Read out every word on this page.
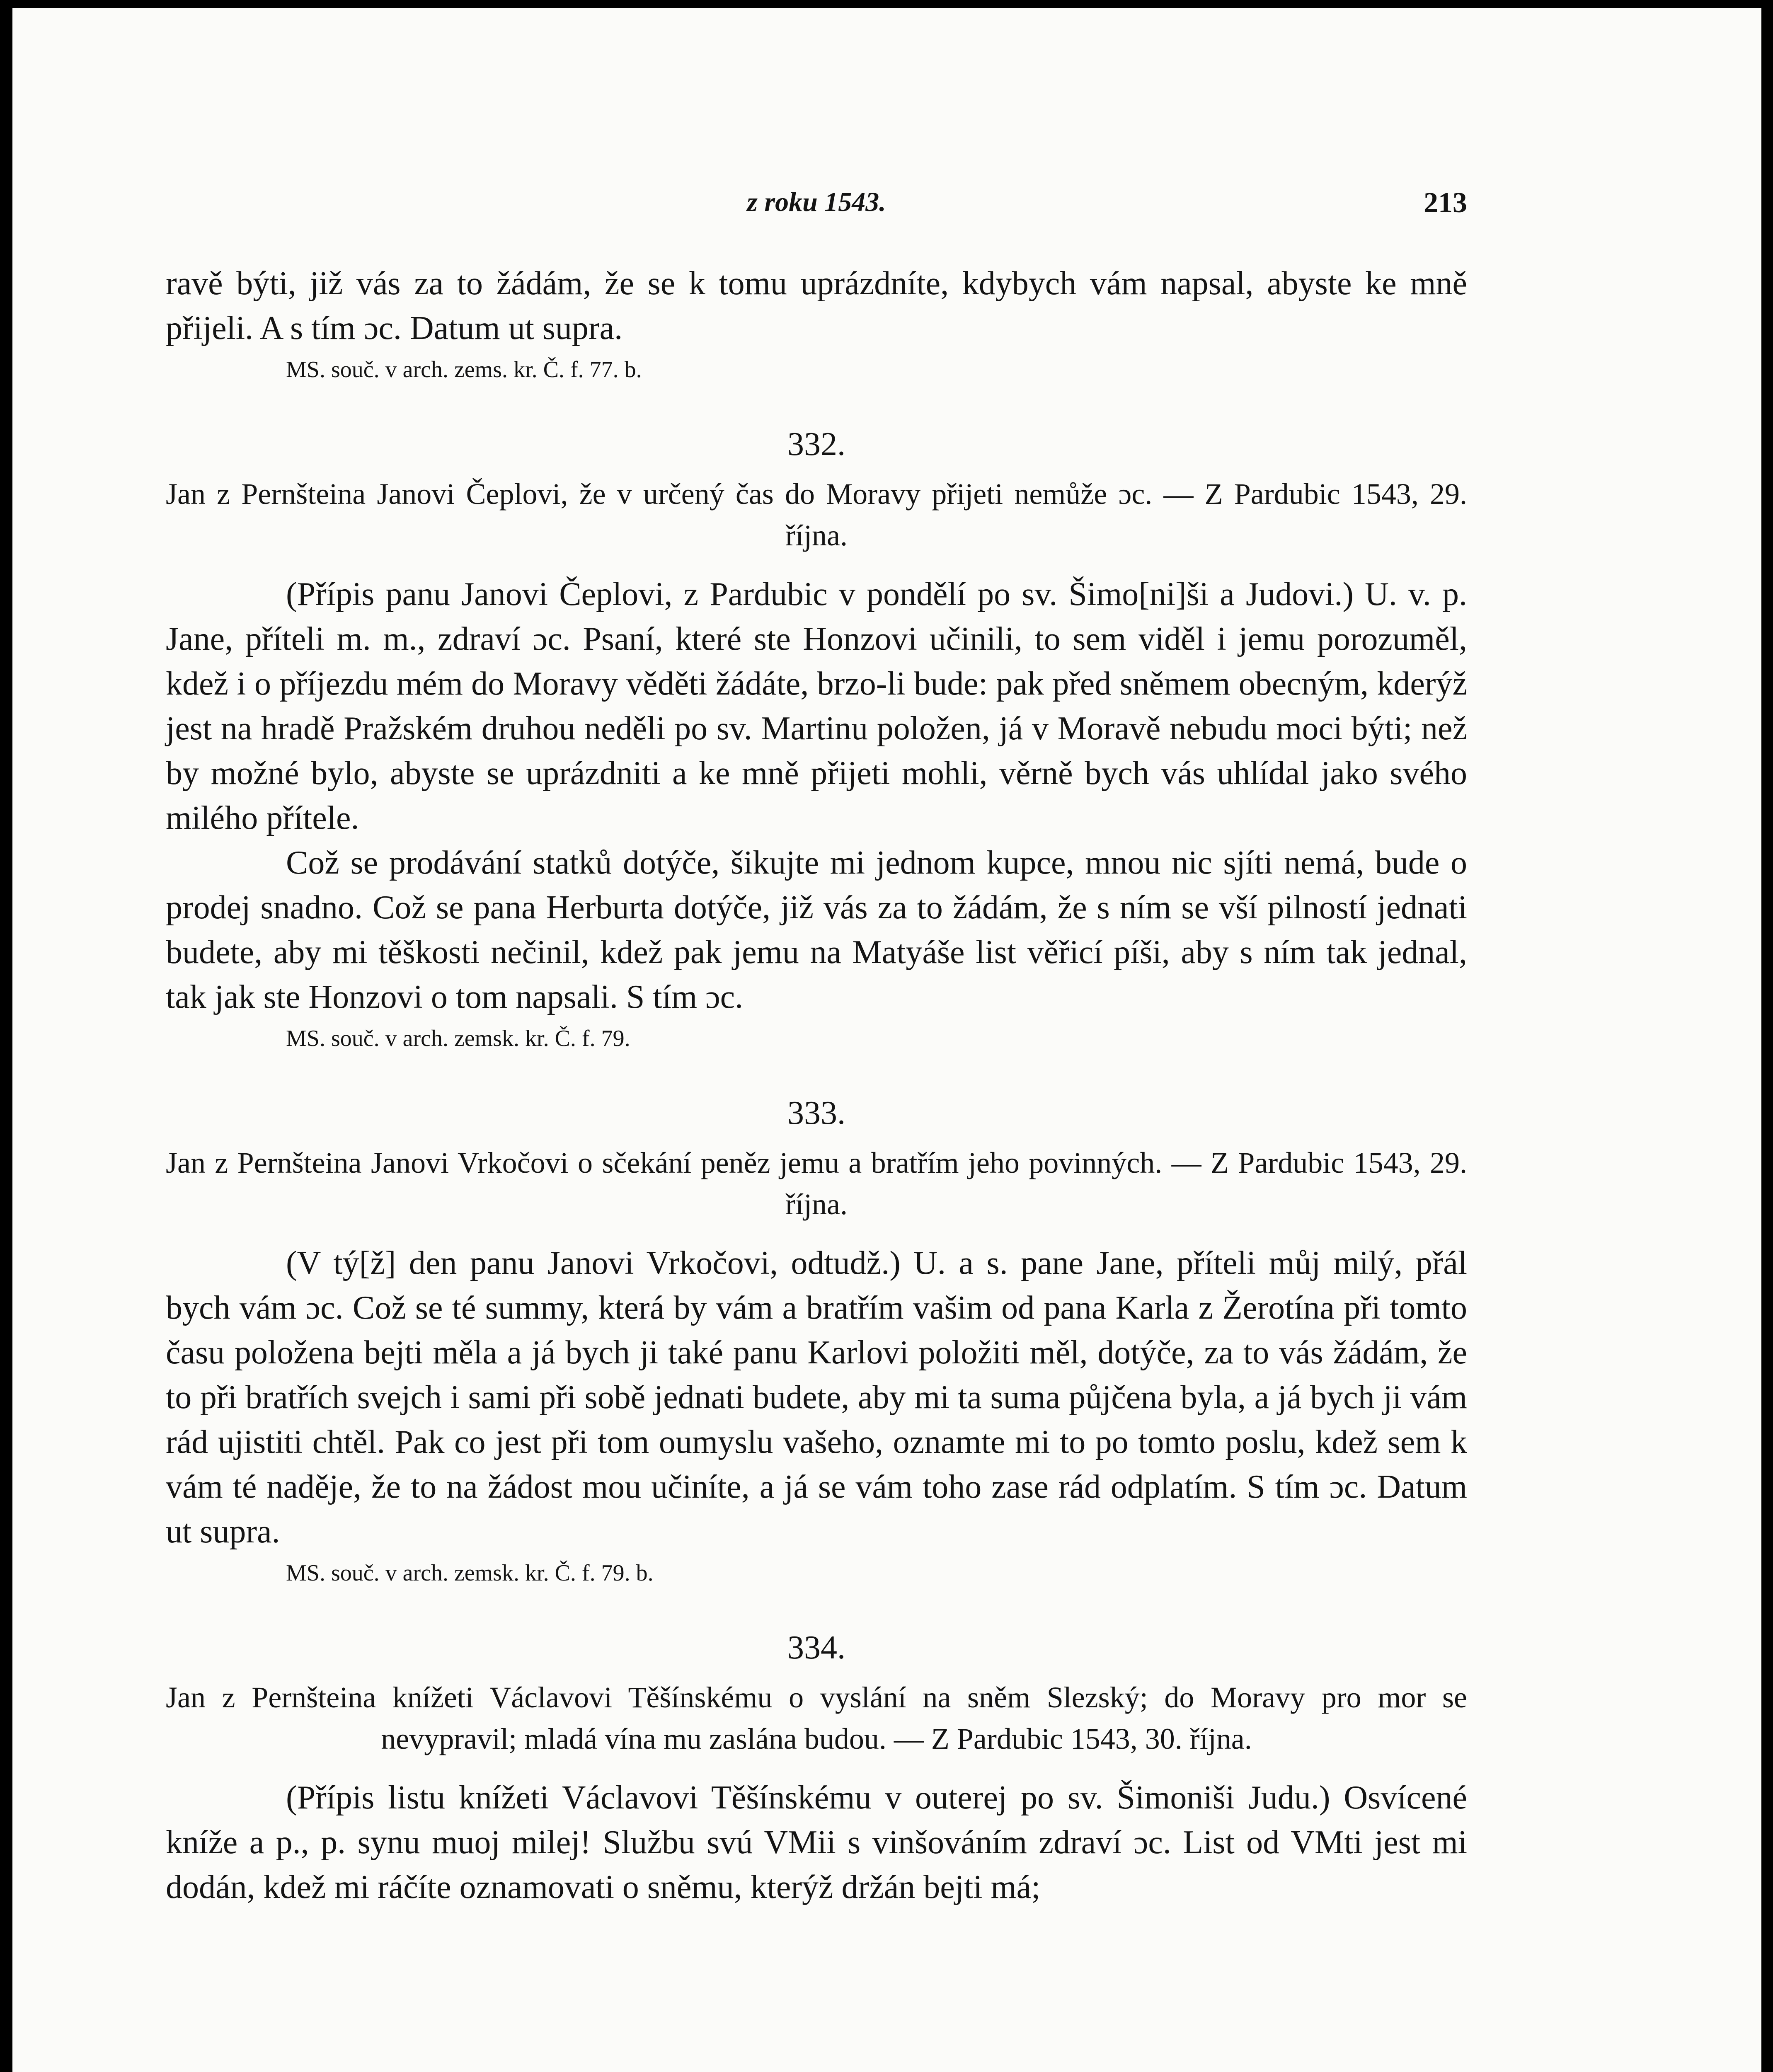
z roku 1543.	213

ravě býti, již vás za to žádám, že se k tomu uprázdníte, kdybych vám napsal, abyste ke mně přijeli. A s tím ɔc. Datum ut supra.

MS. souč. v arch. zems. kr. Č. f. 77. b.
332.

Jan z Pernšteina Janovi Čeplovi, že v určený čas do Moravy přijeti nemůže ɔc. — Z Pardubic 1543, 29. října.

(Přípis panu Janovi Čeplovi, z Pardubic v pondělí po sv. Šimo[ni]ši a Judovi.) U. v. p. Jane, příteli m. m., zdraví ɔc. Psaní, které ste Honzovi učinili, to sem viděl i jemu porozuměl, kdež i o příjezdu mém do Moravy věděti žádáte, brzo-li bude: pak před sněmem obecným, kderýž jest na hradě Pražském druhou neděli po sv. Martinu položen, já v Moravě nebudu moci býti; než by možné bylo, abyste se uprázdniti a ke mně přijeti mohli, věrně bych vás uhlídal jako svého milého přítele.

Což se prodávání statků dotýče, šikujte mi jednom kupce, mnou nic sjíti nemá, bude o prodej snadno. Což se pana Herburta dotýče, již vás za to žádám, že s ním se vší pilností jednati budete, aby mi těškosti nečinil, kdež pak jemu na Matyáše list věřicí píši, aby s ním tak jednal, tak jak ste Honzovi o tom napsali. S tím ɔc.

MS. souč. v arch. zemsk. kr. Č. f. 79.
333.

Jan z Pernšteina Janovi Vrkočovi o sčekání peněz jemu a bratřím jeho povinných. — Z Pardubic 1543, 29. října.

(V tý[ž] den panu Janovi Vrkočovi, odtudž.) U. a s. pane Jane, příteli můj milý, přál bych vám ɔc. Což se té summy, která by vám a bratřím vašim od pana Karla z Žerotína při tomto času položena bejti měla a já bych ji také panu Karlovi položiti měl, dotýče, za to vás žádám, že to při bratřích svejch i sami při sobě jednati budete, aby mi ta suma půjčena byla, a já bych ji vám rád ujistiti chtěl. Pak co jest při tom oumyslu vašeho, oznamte mi to po tomto poslu, kdež sem k vám té naděje, že to na žádost mou učiníte, a já se vám toho zase rád odplatím. S tím ɔc. Datum ut supra.

MS. souč. v arch. zemsk. kr. Č. f. 79. b.
334.

Jan z Pernšteina knížeti Václavovi Těšínskému o vyslání na sněm Slezský; do Moravy pro mor se nevypravil; mladá vína mu zaslána budou. — Z Pardubic 1543, 30. října.

(Přípis listu knížeti Václavovi Těšínskému v outerej po sv. Šimoniši Judu.) Osvícené kníže a p., p. synu muoj milej! Službu svú VMii s vinšováním zdraví ɔc. List od VMti jest mi dodán, kdež mi ráčíte oznamovati o sněmu, kterýž držán bejti má;
